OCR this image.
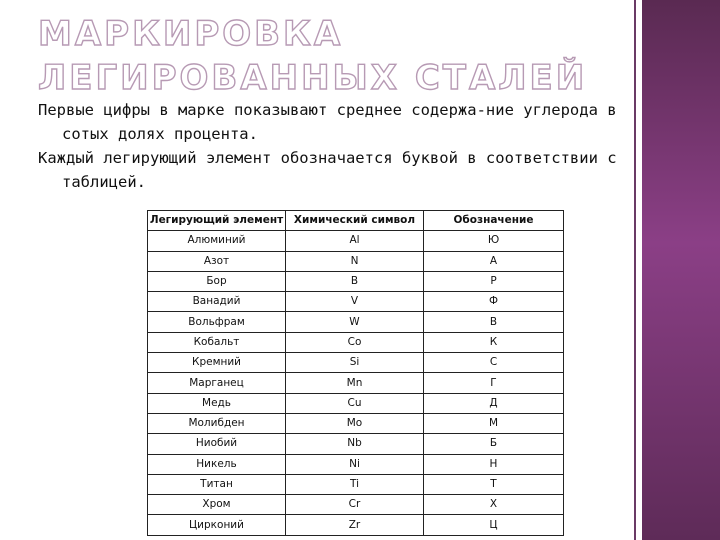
МАРКИРОВКА ЛЕГИРОВАННЫХ СТАЛЕЙ
Первые цифры в марке показывают среднее содержа-ние углерода в сотых долях процента.
Каждый легирующий элемент обозначается буквой в соответствии с таблицей.
Легирующий элемент	Химический символ	Обозначение
Алюминий	Al	Ю
Азот	N	А
Бор	B	Р
Ванадий	V	Ф
Вольфрам	W	В
Кобальт	Co	К
Кремний	Si	С
Марганец	Mn	Г
Медь	Cu	Д
Молибден	Mo	М
Ниобий	Nb	Б
Никель	Ni	Н
Титан	Ti	Т
Хром	Cr	Х
Цирконий	Zr	Ц
